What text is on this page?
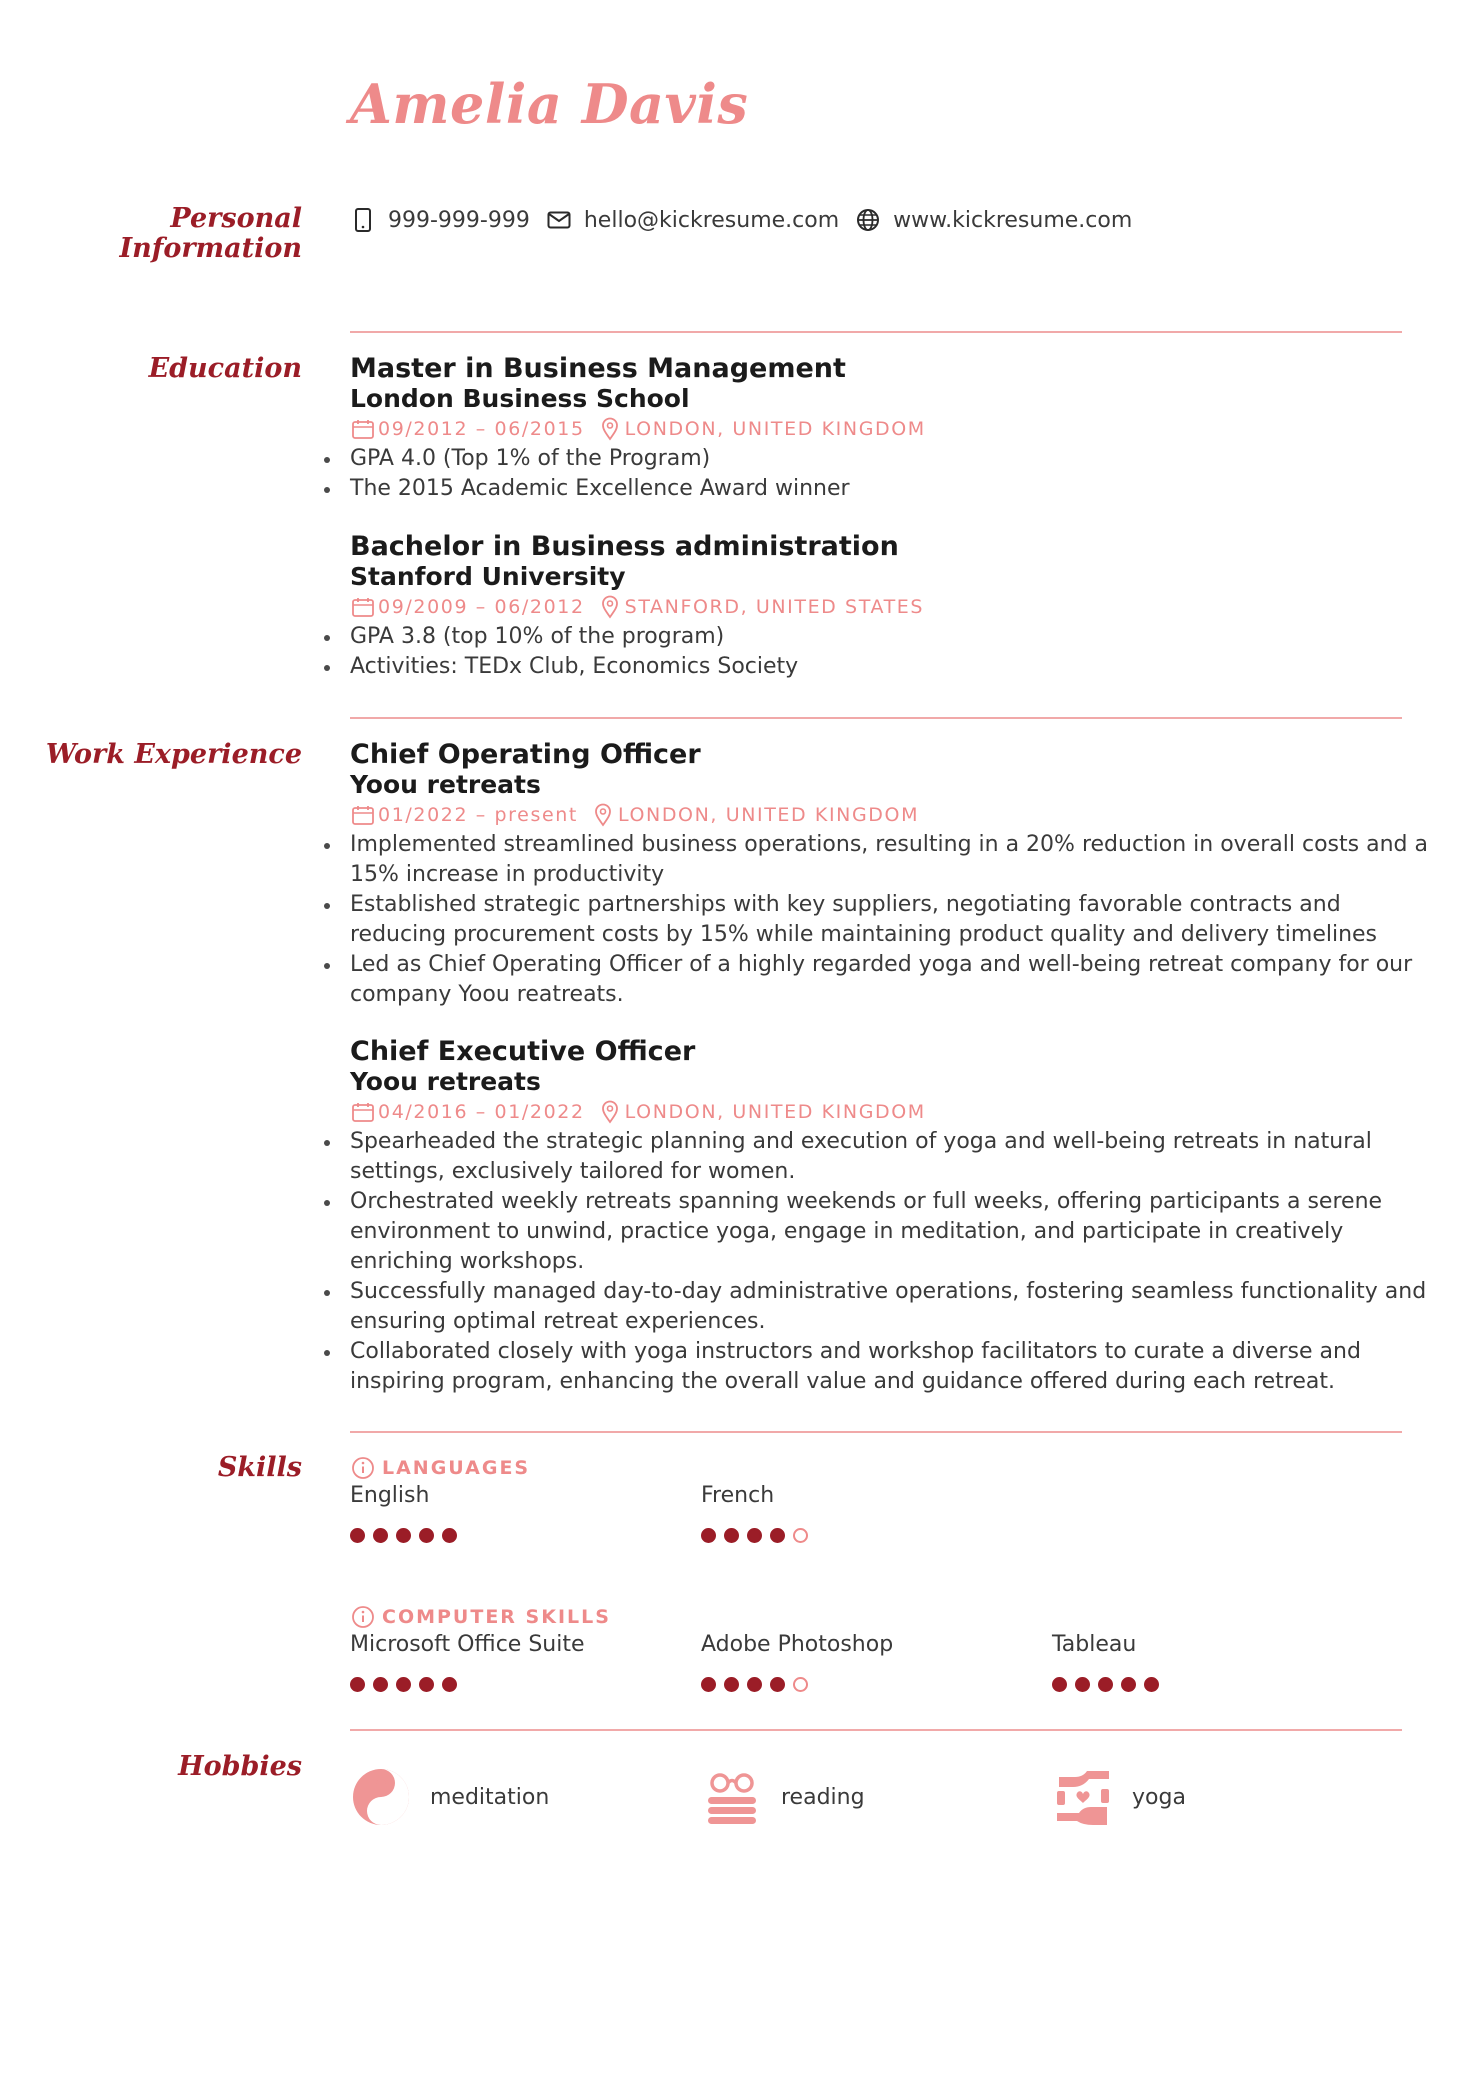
Amelia Davis
Personal Information
999-999-999 hello@kickresume.com www.kickresume.com
Education Master in Business Management
London Business School
09/2012 – 06/2015 LONDON, UNITED KINGDOM
GPA 4.0 (Top 1% of the Program)
The 2015 Academic Excellence Award winner
Bachelor in Business administration
Stanford University
09/2009 – 06/2012 STANFORD, UNITED STATES
GPA 3.8 (top 10% of the program)
Activities: TEDx Club, Economics Society
Work Experience Chief Operating Officer
Yoou retreats
01/2022 – present LONDON, UNITED KINGDOM
Implemented streamlined business operations, resulting in a 20% reduction in overall costs and a
15% increase in productivity
Established strategic partnerships with key suppliers, negotiating favorable contracts and
reducing procurement costs by 15% while maintaining product quality and delivery timelines
Led as Chief Operating Officer of a highly regarded yoga and well-being retreat company for our
company Yoou reatreats.
Chief Executive Officer
Yoou retreats
04/2016 – 01/2022 LONDON, UNITED KINGDOM
Spearheaded the strategic planning and execution of yoga and well-being retreats in natural
settings, exclusively tailored for women.
Orchestrated weekly retreats spanning weekends or full weeks, offering participants a serene
environment to unwind, practice yoga, engage in meditation, and participate in creatively
enriching workshops.
Successfully managed day-to-day administrative operations, fostering seamless functionality and
ensuring optimal retreat experiences.
Collaborated closely with yoga instructors and workshop facilitators to curate a diverse and
inspiring program, enhancing the overall value and guidance offered during each retreat.
Skills	LANGUAGES
English	French
COMPUTER SKILLS
Microsoft Office Suite	Adobe Photoshop	Tableau
Hobbies
meditation	reading	yoga
